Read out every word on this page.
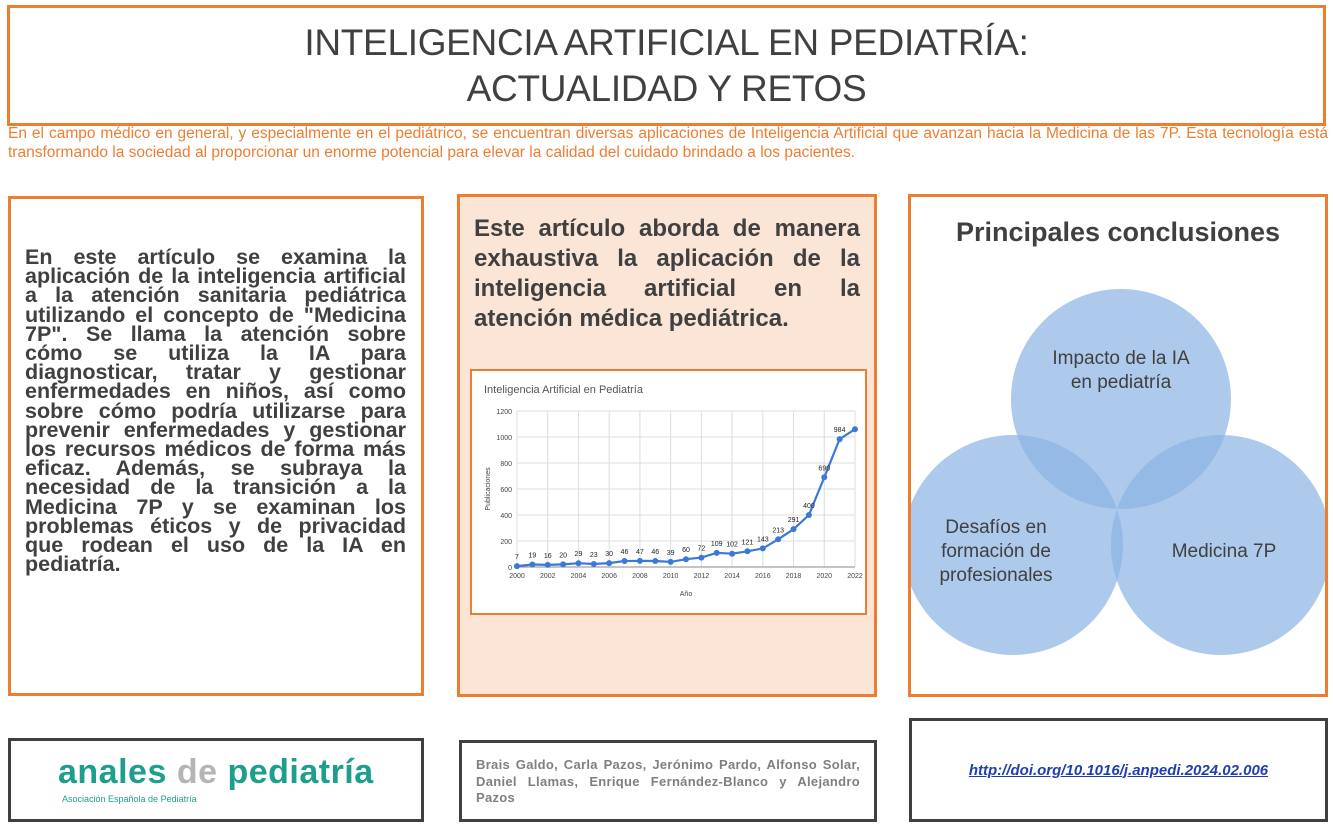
INTELIGENCIA ARTIFICIAL EN PEDIATRÍA:
ACTUALIDAD Y RETOS
En el campo médico en general, y especialmente en el pediátrico, se encuentran diversas aplicaciones de Inteligencia Artificial que avanzan hacia la Medicina de las 7P. Esta tecnología está transformando la sociedad al proporcionar un enorme potencial para elevar la calidad del cuidado brindado a los pacientes.
En este artículo se examina la aplicación de la inteligencia artificial a la atención sanitaria pediátrica utilizando el concepto de "Medicina 7P". Se llama la atención sobre cómo se utiliza la IA para diagnosticar, tratar y gestionar enfermedades en niños, así como sobre cómo podría utilizarse para prevenir enfermedades y gestionar los recursos médicos de forma más eficaz. Además, se subraya la necesidad de la transición a la Medicina 7P y se examinan los problemas éticos y de privacidad que rodean el uso de la IA en pediatría.
Este artículo aborda de manera exhaustiva la aplicación de la inteligencia artificial en la atención médica pediátrica.
Inteligencia Artificial en Pediatría
0
200
400
600
800
1000
1200
2000 2002 2004 2006 2008 2010 2012 2014 2016 2018 2020 2022
Año
Publicaciones
7 19 16 20 29 23 30 46 47 46 39 60 72
109 102 121 143
213
291
400
690
984
Principales conclusiones
Impacto de la IA
en pediatría
Desafíos en
formación de
profesionales
Medicina 7P
anales de pediatría
Asociación Española de Pediatría
Brais Galdo, Carla Pazos, Jerónimo Pardo, Alfonso Solar, Daniel Llamas, Enrique Fernández-Blanco y Alejandro Pazos
http://doi.org/10.1016/j.anpedi.2024.02.006
